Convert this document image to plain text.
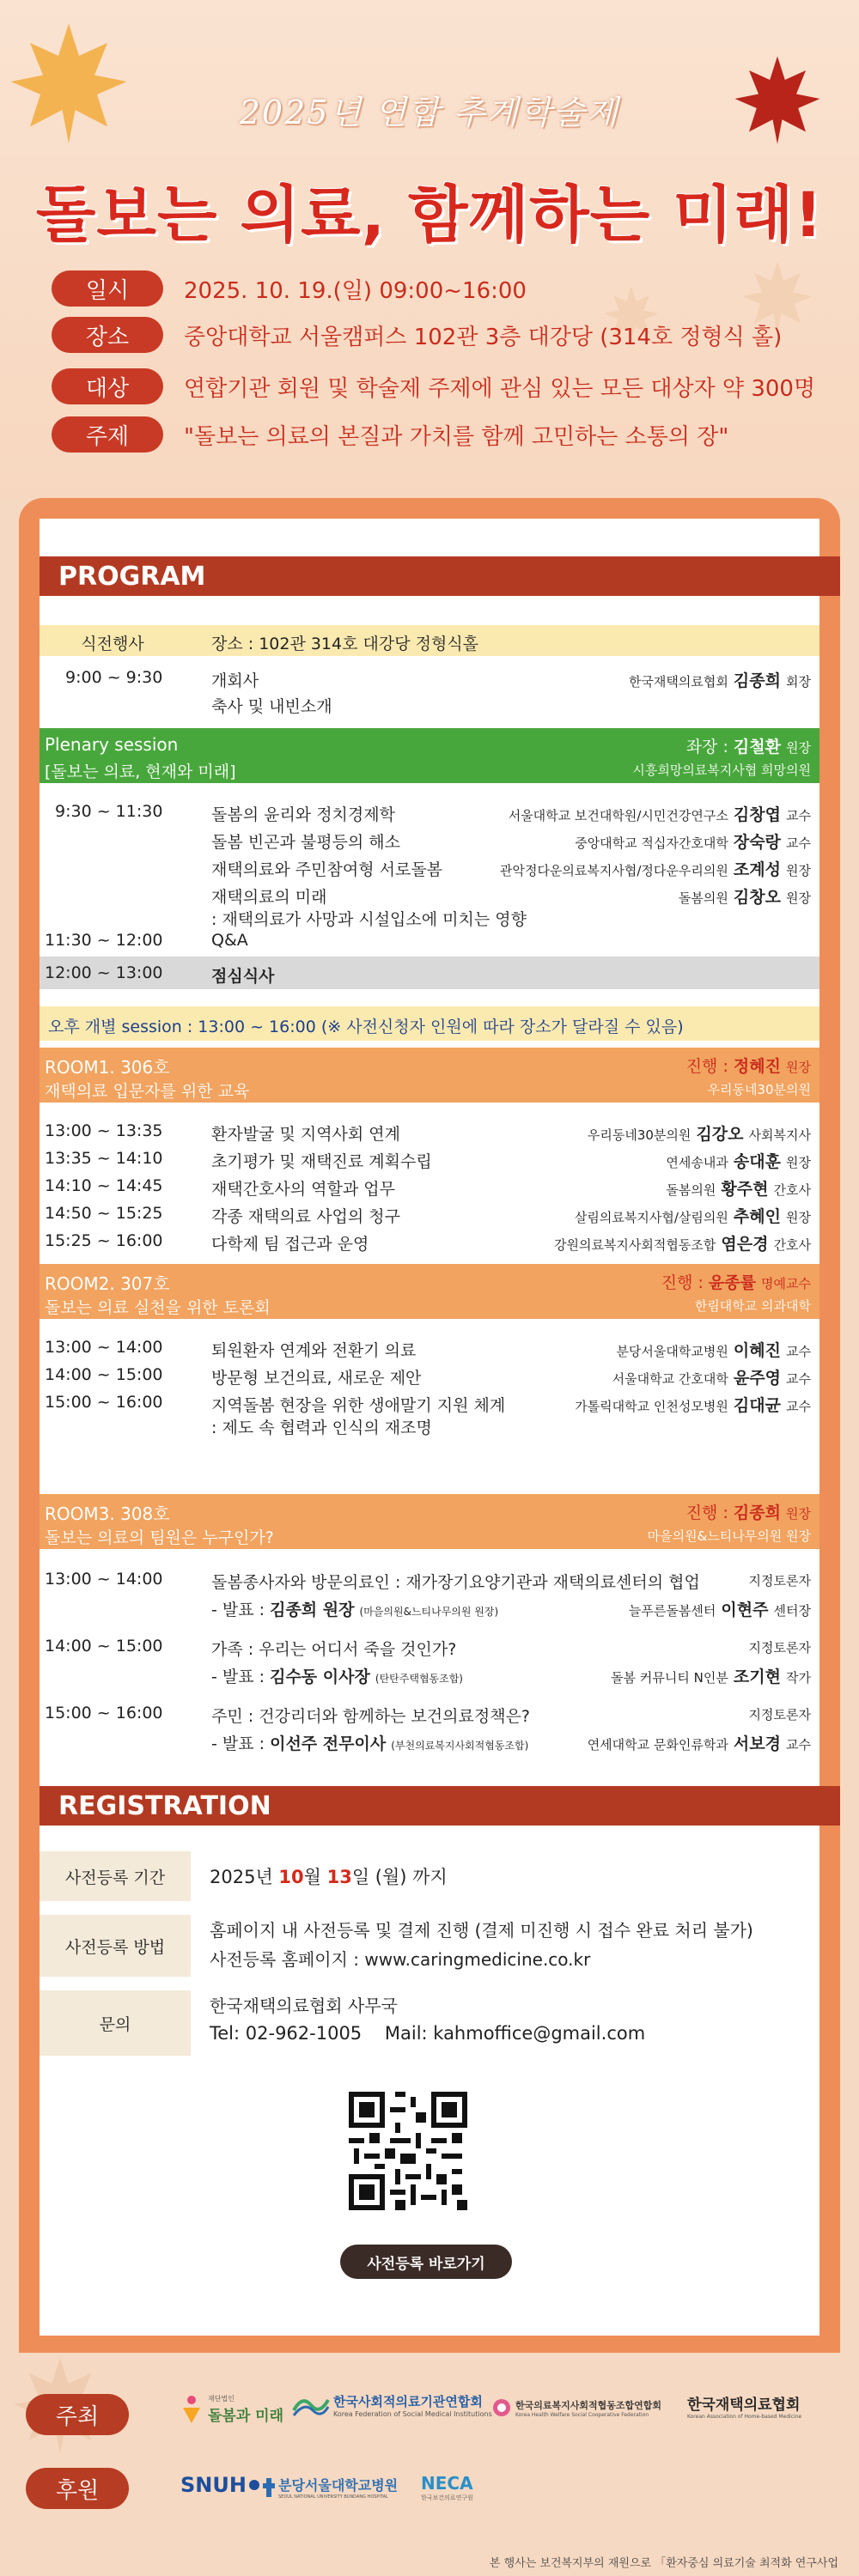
2025년 연합 추계학술제
돌보는 의료, 함께하는 미래!
일시	2025. 10. 19.(일) 09:00~16:00
장소	중앙대학교 서울캠퍼스 102관 3층 대강당 (314호 정형식 홀)
대상	연합기관 회원 및 학술제 주제에 관심 있는 모든 대상자 약 300명
주제	"돌보는 의료의 본질과 가치를 함께 고민하는 소통의 장"
PROGRAM
식전행사	장소 : 102관 314호 대강당 정형식홀
9:00 ~ 9:30	개회사
축사 및 내빈소개
한국재택의료협회 김종희 회장
Plenary session
[돌보는 의료, 현재와 미래]
좌장 : 김철환 원장
시흥희망의료복지사협 희망의원
9:30 ~ 11:30	돌봄의 윤리와 정치경제학	서울대학교 보건대학원/시민건강연구소 김창엽 교수
돌봄 빈곤과 불평등의 해소	중앙대학교 적십자간호대학 장숙랑 교수
재택의료와 주민참여형 서로돌봄	관악정다운의료복지사협/정다운우리의원 조계성 원장
재택의료의 미래	돌봄의원 김창오 원장
: 재택의료가 사망과 시설입소에 미치는 영향
11:30 ~ 12:00	Q&A
12:00 ~ 13:00	점심식사
오후 개별 session : 13:00 ~ 16:00 (※ 사전신청자 인원에 따라 장소가 달라질 수 있음)
ROOM1. 306호
재택의료 입문자를 위한 교육
진행 : 정혜진 원장
우리동네30분의원
13:00 ~ 13:35	환자발굴 및 지역사회 연계	우리동네30분의원 김강오 사회복지사
13:35 ~ 14:10	초기평가 및 재택진료 계획수립	연세송내과 송대훈 원장
14:10 ~ 14:45	재택간호사의 역할과 업무	돌봄의원 황주현 간호사
14:50 ~ 15:25	각종 재택의료 사업의 청구	살림의료복지사협/살림의원 추혜인 원장
15:25 ~ 16:00	다학제 팀 접근과 운영	강원의료복지사회적협동조합 염은경 간호사
ROOM2. 307호
돌보는 의료 실천을 위한 토론회
진행 : 윤종률 명예교수
한림대학교 의과대학
13:00 ~ 14:00	퇴원환자 연계와 전환기 의료	분당서울대학교병원 이혜진 교수
14:00 ~ 15:00	방문형 보건의료, 새로운 제안	서울대학교 간호대학 윤주영 교수
15:00 ~ 16:00	지역돌봄 현장을 위한 생애말기 지원 체계	가톨릭대학교 인천성모병원 김대균 교수
: 제도 속 협력과 인식의 재조명
ROOM3. 308호
돌보는 의료의 팀원은 누구인가?
진행 : 김종희 원장
마을의원&느티나무의원 원장
13:00 ~ 14:00	돌봄종사자와 방문의료인 : 재가장기요양기관과 재택의료센터의 협업	지정토론자
- 발표 : 김종희 원장 (마을의원&느티나무의원 원장)	늘푸른돌봄센터 이현주 센터장
14:00 ~ 15:00	가족 : 우리는 어디서 죽을 것인가?	지정토론자
- 발표 : 김수동 이사장 (탄탄주택협동조합)	돌봄 커뮤니티 N인분 조기현 작가
15:00 ~ 16:00	주민 : 건강리더와 함께하는 보건의료정책은?	지정토론자
- 발표 : 이선주 전무이사 (부천의료복지사회적협동조합)	연세대학교 문화인류학과 서보경 교수
REGISTRATION
사전등록 기간	2025년 10월 13일 (월) 까지
사전등록 방법
홈페이지 내 사전등록 및 결제 진행 (결제 미진행 시 접수 완료 처리 불가)
사전등록 홈페이지 : www.caringmedicine.co.kr
문의
한국재택의료협회 사무국
Tel: 02-962-1005    Mail: kahmoffice@gmail.com
사전등록 바로가기
주최
후원
재단법인
돌봄과 미래
한국사회적의료기관연합회
Korea Federation of Social Medical Institutions
한국의료복지사회적협동조합연합회
Korea Health Welfare Social Cooperative Federation
한국재택의료협회
Korean Association of Home-based Medicine
SNUH 분당서울대학교병원
SEOUL NATIONAL UNIVERSITY BUNDANG HOSPITAL
NECA
한국보건의료연구원
본 행사는 보건복지부의 재원으로 「환자중심 의료기술 최적화 연구사업
